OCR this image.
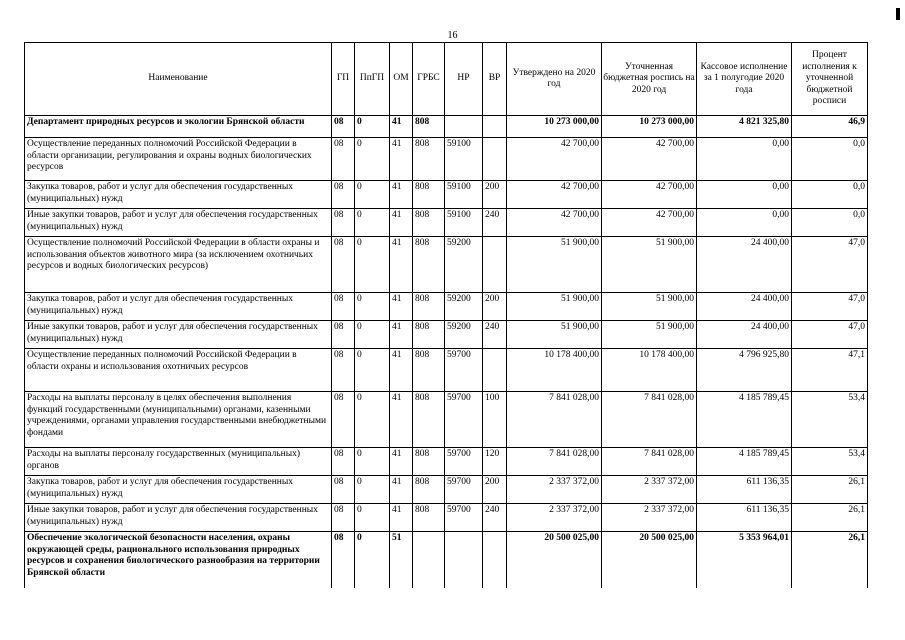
16
Наименование	ГП	ПпГП	ОМ	ГРБС	НР	ВР	Утверждено на 2020 год	Уточненная бюджетная роспись на 2020 год	Кассовое исполнение за 1 полугодие 2020 года	Процент исполнения к уточненной бюджетной росписи
Департамент природных ресурсов и экологии Брянской области	08	0	41	808			10 273 000,00	10 273 000,00	4 821 325,80	46,9
Осуществление переданных полномочий Российской Федерации в области организации, регулирования и охраны водных биологических ресурсов	08	0	41	808	59100		42 700,00	42 700,00	0,00	0,0
Закупка товаров, работ и услуг для обеспечения государственных (муниципальных) нужд	08	0	41	808	59100	200	42 700,00	42 700,00	0,00	0,0
Иные закупки товаров, работ и услуг для обеспечения государственных (муниципальных) нужд	08	0	41	808	59100	240	42 700,00	42 700,00	0,00	0,0
Осуществление полномочий Российской Федерации в области охраны и использования объектов животного мира (за исключением охотничьих ресурсов и водных биологических ресурсов)	08	0	41	808	59200		51 900,00	51 900,00	24 400,00	47,0
Закупка товаров, работ и услуг для обеспечения государственных (муниципальных) нужд	08	0	41	808	59200	200	51 900,00	51 900,00	24 400,00	47,0
Иные закупки товаров, работ и услуг для обеспечения государственных (муниципальных) нужд	08	0	41	808	59200	240	51 900,00	51 900,00	24 400,00	47,0
Осуществление переданных полномочий Российской Федерации в области охраны и использования охотничьих ресурсов	08	0	41	808	59700		10 178 400,00	10 178 400,00	4 796 925,80	47,1
Расходы на выплаты персоналу в целях обеспечения выполнения функций государственными (муниципальными) органами, казенными учреждениями, органами управления государственными внебюджетными фондами	08	0	41	808	59700	100	7 841 028,00	7 841 028,00	4 185 789,45	53,4
Расходы на выплаты персоналу государственных (муниципальных) органов	08	0	41	808	59700	120	7 841 028,00	7 841 028,00	4 185 789,45	53,4
Закупка товаров, работ и услуг для обеспечения государственных (муниципальных) нужд	08	0	41	808	59700	200	2 337 372,00	2 337 372,00	611 136,35	26,1
Иные закупки товаров, работ и услуг для обеспечения государственных (муниципальных) нужд	08	0	41	808	59700	240	2 337 372,00	2 337 372,00	611 136,35	26,1
Обеспечение экологической безопасности населения, охраны окружающей среды, рационального использования природных ресурсов и сохранения биологического разнообразия на территории Брянской области	08	0	51				20 500 025,00	20 500 025,00	5 353 964,01	26,1
